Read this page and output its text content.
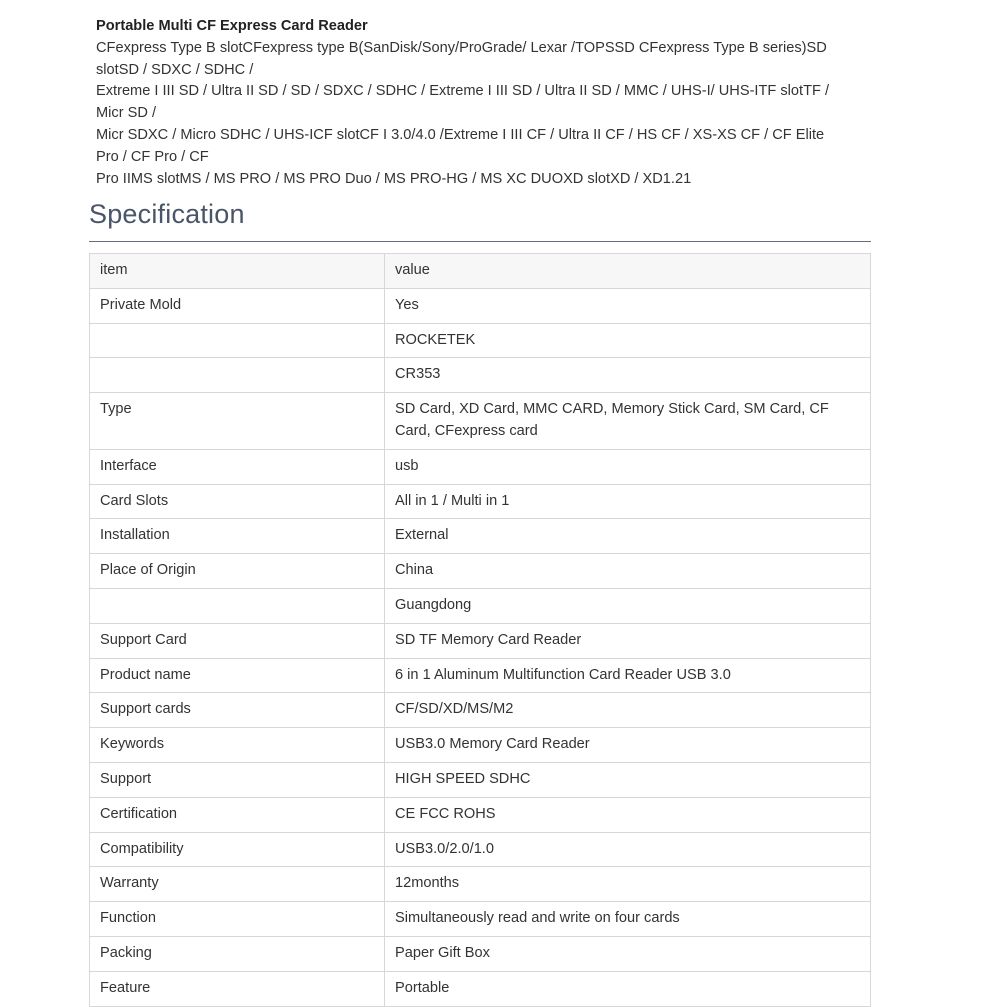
Portable Multi CF Express Card Reader

CFexpress Type B slotCFexpress type B(SanDisk/Sony/ProGrade/ Lexar /TOPSSD CFexpress Type B series)SD

slotSD / SDXC / SDHC /

Extreme I III SD / Ultra II SD / SD / SDXC / SDHC / Extreme I III SD / Ultra II SD / MMC / UHS-I/ UHS-ITF slotTF /

Micr SD /

Micr SDXC / Micro SDHC / UHS-ICF slotCF I 3.0/4.0 /Extreme I III CF / Ultra II CF / HS CF / XS-XS CF / CF Elite

Pro / CF Pro / CF

Pro IIMS slotMS / MS PRO / MS PRO Duo / MS PRO-HG / MS XC DUOXD slotXD / XD1.21

Specification
item	value
Private Mold	Yes
	ROCKETEK
	CR353
Type	SD Card, XD Card, MMC CARD, Memory Stick Card, SM Card, CF Card, CFexpress card
Interface	usb
Card Slots	All in 1 / Multi in 1
Installation	External
Place of Origin	China
	Guangdong
Support Card	SD TF Memory Card Reader
Product name	6 in 1 Aluminum Multifunction Card Reader USB 3.0
Support cards	CF/SD/XD/MS/M2
Keywords	USB3.0 Memory Card Reader
Support	HIGH SPEED SDHC
Certification	CE FCC ROHS
Compatibility	USB3.0/2.0/1.0
Warranty	12months
Function	Simultaneously read and write on four cards
Packing	Paper Gift Box
Feature	Portable
